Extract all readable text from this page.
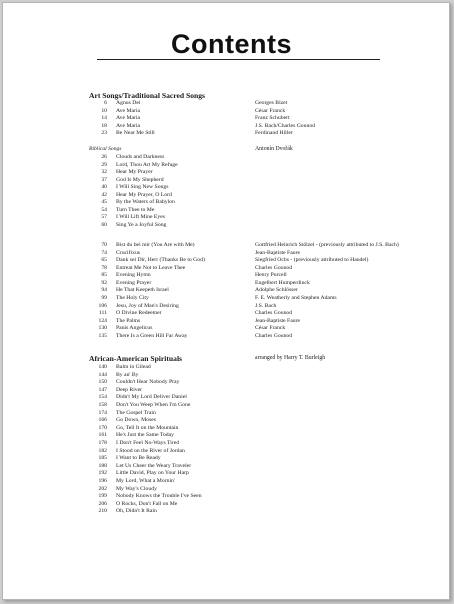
Contents
Art Songs/Traditional Sacred Songs
6 Agnus Dei	Georges Bizet
10 Ave Maria	César Franck
14 Ave Maria	Franz Schubert
18 Ave Maria	J.S. Bach/Charles Gounod
23 Be Near Me Still	Ferdinand Hiller
Biblical Songs	Antonín Dvořák
26 Clouds and Darkness
29 Lord, Thou Art My Refuge
32 Hear My Prayer
37 God Is My Shepherd
40 I Will Sing New Songs
42 Hear My Prayer, O Lord
45 By the Waters of Babylon
54 Turn Thee to Me
57 I Will Lift Mine Eyes
60 Sing Ye a Joyful Song
70 Bist du bei mir (You Are with Me)	Gottfried Heinrich Stölzel - (previously attributed to J.S. Bach)
74 Crucifixus	Jean-Baptiste Faure
65 Dank sei Dir, Herr (Thanks Be to God)	Siegfried Ochs - (previously attributed to Handel)
78 Entreat Me Not to Leave Thee	Charles Gounod
85 Evening Hymn	Henry Purcell
92 Evening Prayer	Engelbert Humperdinck
94 He That Keepeth Israel	Adolphe Schlösser
99 The Holy City	F. E. Weatherly and Stephen Adams
106 Jesu, Joy of Man's Desiring	J.S. Bach
111 O Divine Redeemer	Charles Gounod
124 The Palms	Jean-Baptiste Faure
130 Panis Angelicus	César Franck
135 There Is a Green Hill Far Away	Charles Gounod
African-American Spirituals	arranged by Harry T. Burleigh
140 Balm in Gilead
144 By an' By
150 Couldn't Hear Nobody Pray
147 Deep River
154 Didn't My Lord Deliver Daniel
158 Don't You Weep When I'm Gone
174 The Gospel Train
166 Go Down, Moses
170 Go, Tell It on the Mountain
161 He's Just the Same Today
178 I Don't Feel No-Ways Tired
182 I Stood on the River of Jordan
185 I Want to Be Ready
188 Let Us Cheer the Weary Traveler
192 Little David, Play on Your Harp
196 My Lord, What a Mornin'
202 My Way's Cloudy
199 Nobody Knows the Trouble I've Seen
206 O Rocks, Don't Fall on Me
210 Oh, Didn't It Rain
